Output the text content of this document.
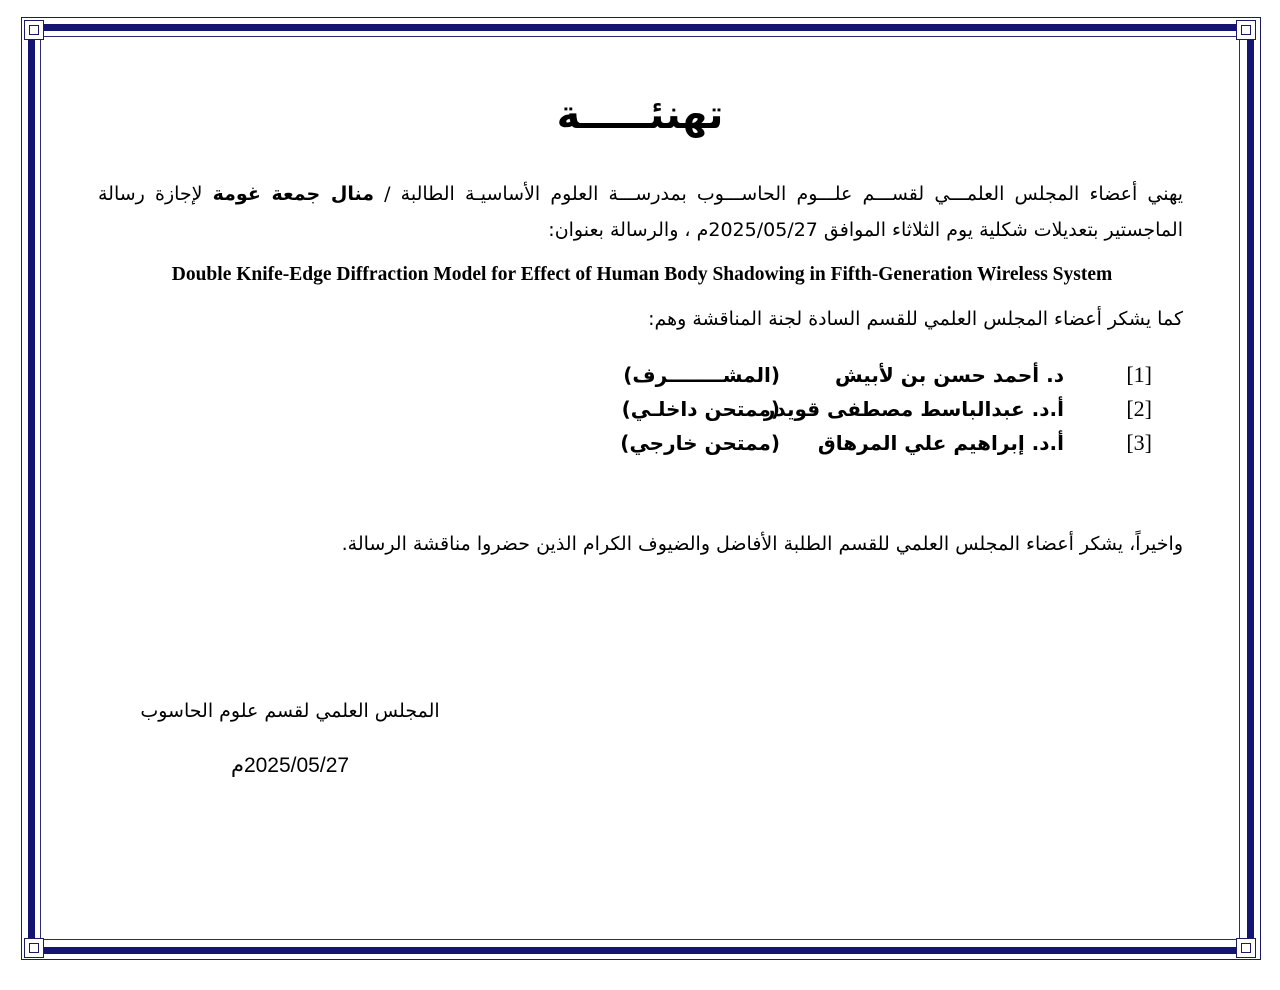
تهنئـــــة
يهني أعضاء المجلس العلمـــي لقســـم علـــوم الحاســـوب بمدرســـة العلوم الأساسيـة الطالبة / منال جمعة غومة لإجازة رسالة الماجستير بتعديلات شكلية يوم الثلاثاء الموافق 2025/05/27م ، والرسالة بعنوان:
Double Knife-Edge Diffraction Model for Effect of Human Body Shadowing in Fifth-Generation Wireless System
كما يشكر أعضاء المجلس العلمي للقسم السادة لجنة المناقشة وهم:
[1]
د. أحمد حسن بن لأبيش
(المشــــــــرف)
[2]
أ.د. عبدالباسط مصطفى قويدر
(ممتحن داخلـي)
[3]
أ.د. إبراهيم علي المرهاق
(ممتحن خارجي)
واخيراً، يشكر أعضاء المجلس العلمي للقسم الطلبة الأفاضل والضيوف الكرام الذين حضروا مناقشة الرسالة.
المجلس العلمي لقسم علوم الحاسوب
2025/05/27م
